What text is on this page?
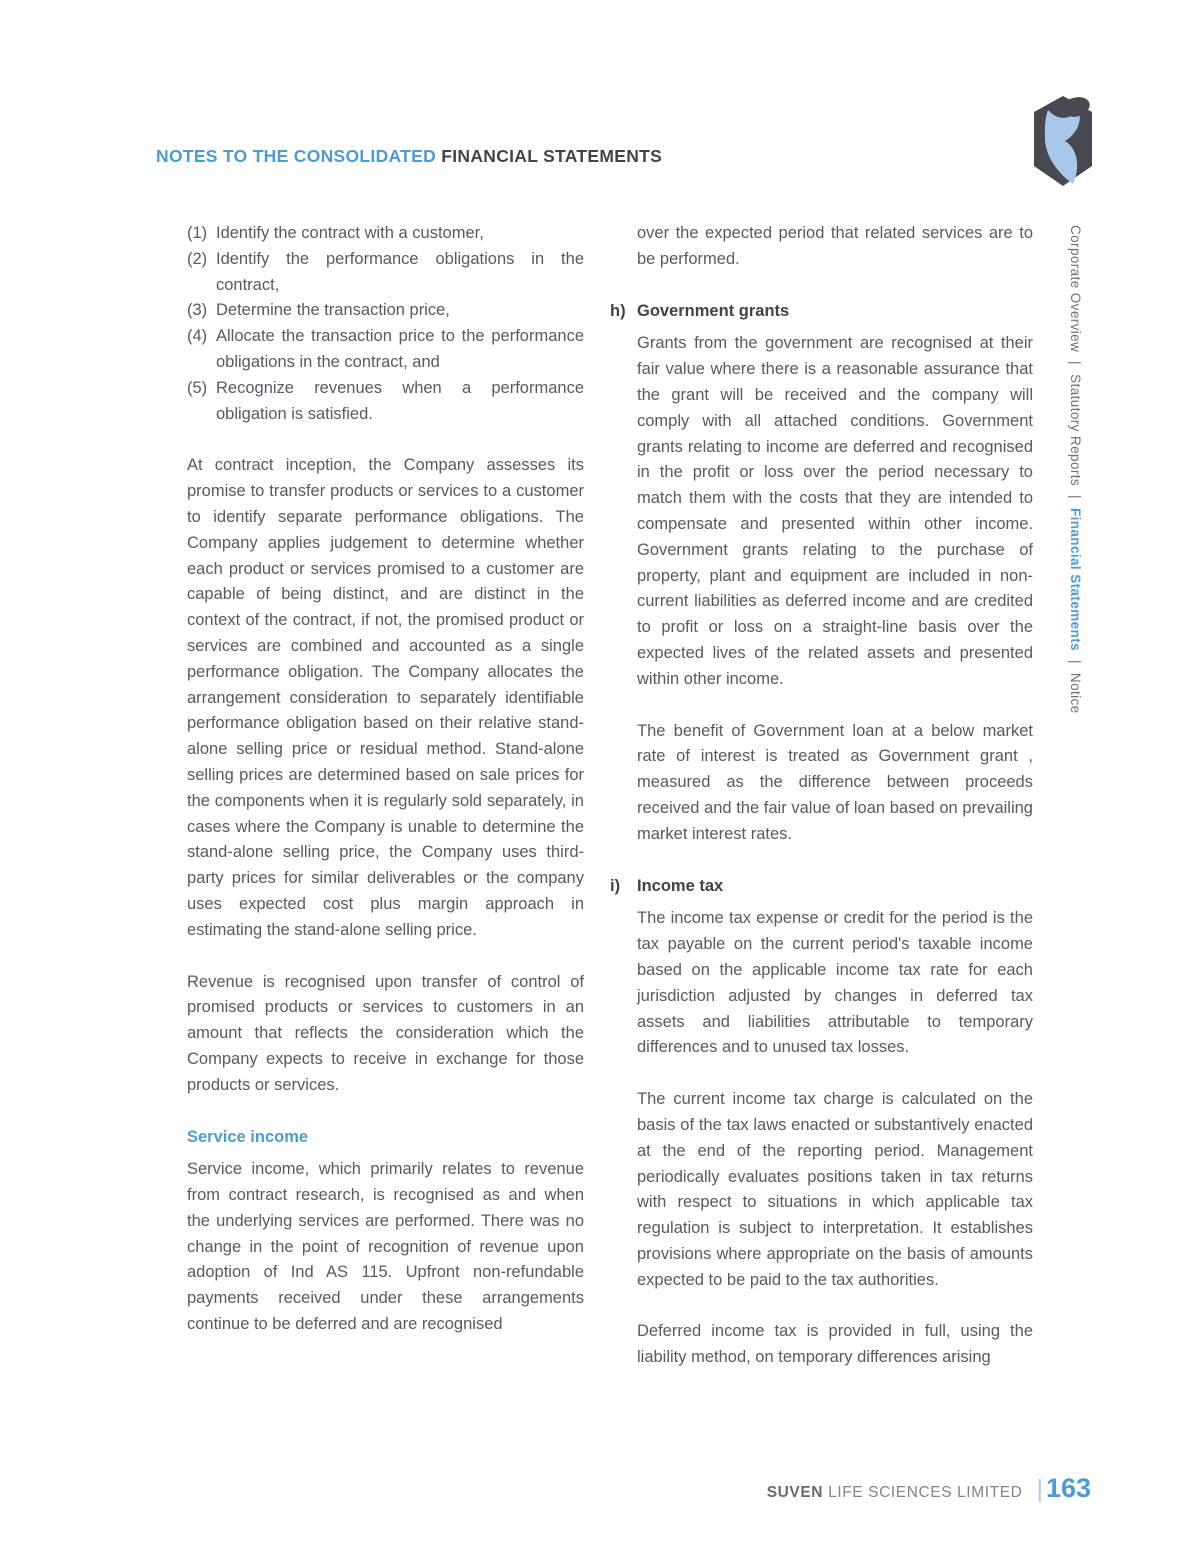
NOTES TO THE CONSOLIDATED FINANCIAL STATEMENTS
Corporate Overview|Statutory Reports|Financial Statements|Notice
(1) Identify the contract with a customer,
(2) Identify the performance obligations in the contract,
(3) Determine the transaction price,
(4) Allocate the transaction price to the performance obligations in the contract, and
(5) Recognize revenues when a performance obligation is satisfied.

At contract inception, the Company assesses its promise to transfer products or services to a customer to identify separate performance obligations. The Company applies judgement to determine whether each product or services promised to a customer are capable of being distinct, and are distinct in the context of the contract, if not, the promised product or services are combined and accounted as a single performance obligation. The Company allocates the arrangement consideration to separately identifiable performance obligation based on their relative stand-alone selling price or residual method. Stand-alone selling prices are determined based on sale prices for the components when it is regularly sold separately, in cases where the Company is unable to determine the stand-alone selling price, the Company uses third-party prices for similar deliverables or the company uses expected cost plus margin approach in estimating the stand-alone selling price.

Revenue is recognised upon transfer of control of promised products or services to customers in an amount that reflects the consideration which the Company expects to receive in exchange for those products or services.

Service income

Service income, which primarily relates to revenue from contract research, is recognised as and when the underlying services are performed. There was no change in the point of recognition of revenue upon adoption of Ind AS 115. Upfront non-refundable payments received under these arrangements continue to be deferred and are recognised

over the expected period that related services are to be performed.

h) Government grants

Grants from the government are recognised at their fair value where there is a reasonable assurance that the grant will be received and the company will comply with all attached conditions. Government grants relating to income are deferred and recognised in the profit or loss over the period necessary to match them with the costs that they are intended to compensate and presented within other income. Government grants relating to the purchase of property, plant and equipment are included in non-current liabilities as deferred income and are credited to profit or loss on a straight-line basis over the expected lives of the related assets and presented within other income.

The benefit of Government loan at a below market rate of interest is treated as Government grant , measured as the difference between proceeds received and the fair value of loan based on prevailing market interest rates.

i)	Income tax

The income tax expense or credit for the period is the tax payable on the current period's taxable income based on the applicable income tax rate for each jurisdiction adjusted by changes in deferred tax assets and liabilities attributable to temporary differences and to unused tax losses.

The current income tax charge is calculated on the basis of the tax laws enacted or substantively enacted at the end of the reporting period. Management periodically evaluates positions taken in tax returns with respect to situations in which applicable tax regulation is subject to interpretation. It establishes provisions where appropriate on the basis of amounts expected to be paid to the tax authorities.

Deferred income tax is provided in full, using the liability method, on temporary differences arising

SUVEN LIFE SCIENCES LIMITED | 163
